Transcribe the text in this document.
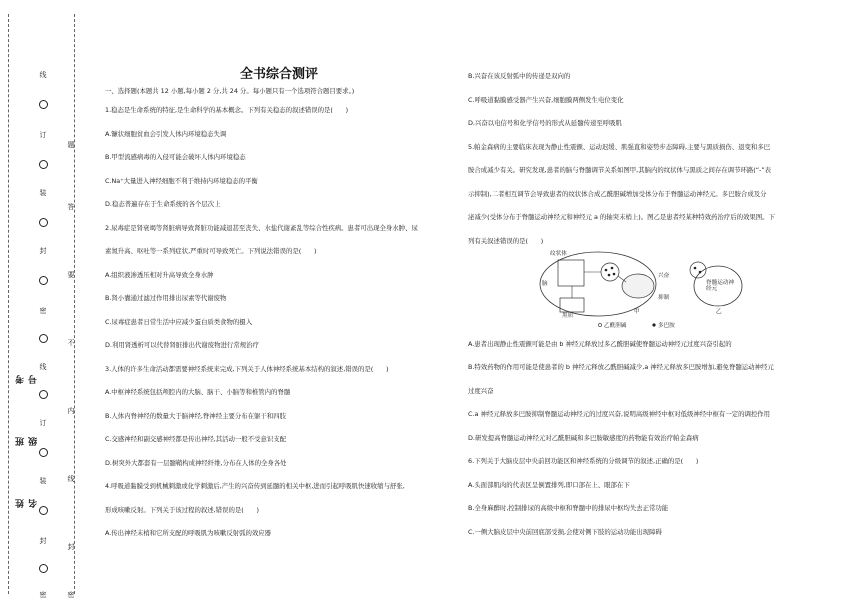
线
订
装
封
密
线
订
装
封
密
题
答
要
不
内
线
封
密
考号
班级
姓名
全书综合测评
一、选择题(本题共 12 小题,每小题 2 分,共 24 分。每小题只有一个选项符合题目要求。)
1.稳态是生命系统的特征,是生命科学的基本概念。下列有关稳态的叙述错误的是(　　)
A.镰状细胞贫血会引发人体内环境稳态失调
B.甲型流感病毒的入侵可能会破坏人体内环境稳态
C.Na⁺大量进入神经细胞不利于维持内环境稳态的平衡
D.稳态普遍存在于生命系统的各个层次上
2.尿毒症是肾衰竭等肾脏病导致肾脏功能减退甚至丧失、水盐代谢紊乱等综合性疾病。患者可出现全身水肿、尿
素氮升高、呕吐等一系列症状,严重时可导致死亡。下列说法错误的是(　　)
A.组织液渗透压相对升高导致全身水肿
B.肾小囊通过滤过作用排出尿素等代谢废物
C.尿毒症患者日常生活中应减少蛋白质类食物的摄入
D.利用肾透析可以代替肾脏排出代谢废物进行常规治疗
3.人体的许多生命活动都需要神经系统来完成,下列关于人体神经系统基本结构的叙述,错误的是(　　)
A.中枢神经系统包括颅腔内的大脑、脑干、小脑等和椎管内的脊髓
B.人体内脊神经的数量大于脑神经,脊神经主要分布在躯干和四肢
C.交感神经和副交感神经都是传出神经,其活动一般不受意识支配
D.树突外大都套有一层髓鞘构成神经纤维,分布在人体的全身各处
4.呼吸道黏膜受到机械刺激或化学刺激后,产生的兴奋传到延髓的相关中枢,进而引起呼吸肌快速收缩与舒张,
形成咳嗽反射。下列关于该过程的叙述,错误的是(　　)
A.传出神经末梢和它所支配的呼吸肌为咳嗽反射弧的效应器
B.兴奋在该反射弧中的传递是双向的
C.呼吸道黏膜感受器产生兴奋,细胞膜两侧发生电位变化
D.兴奋以电信号和化学信号的形式从延髓传递至呼吸肌
5.帕金森病的主要临床表现为静止性震颤、运动迟缓、肌强直和姿势步态障碍,主要与黑质损伤、退变和多巴
胺合成减少有关。研究发现,患者的脑与脊髓调节关系如图甲,其脑内的纹状体与黑质之间存在调节环路(“-”表
示抑制),二者相互调节会导致患者的纹状体合成乙酰胆碱增加受体分布于脊髓运动神经元。多巴胺合成及分
泌减少(受体分布于脊髓运动神经元和神经元 a 的轴突末梢上)。图乙是患者经某种特效药治疗后的效果图。下
列有关叙述错误的是(　　)
纹状体
脑
黑质
兴奋
抑制
脊髓运动神经元
甲	乙
乙酰胆碱	多巴胺
A.患者出现静止性震颤可能是由 b 神经元释放过多乙酰胆碱使脊髓运动神经元过度兴奋引起的
B.特效药物的作用可能是使患者的 b 神经元释放乙酰胆碱减少,a 神经元释放多巴胺增加,避免脊髓运动神经元
过度兴奋
C.a 神经元释放多巴胺抑制脊髓运动神经元的过度兴奋,说明高级神经中枢对低级神经中枢有一定的调控作用
D.研发提高脊髓运动神经元对乙酰胆碱和多巴胺敏感度的药物能有效治疗帕金森病
6.下列关于大脑皮层中央前回功能区和神经系统的分级调节的叙述,正确的是(　　)
A.头面部肌肉的代表区呈倒置排列,即口部在上、眼部在下
B.全身麻醉时,控制排尿的高级中枢和脊髓中的排尿中枢均失去正常功能
C.一侧大脑皮层中央前回底部受损,会使对侧下肢的运动功能出现障碍
